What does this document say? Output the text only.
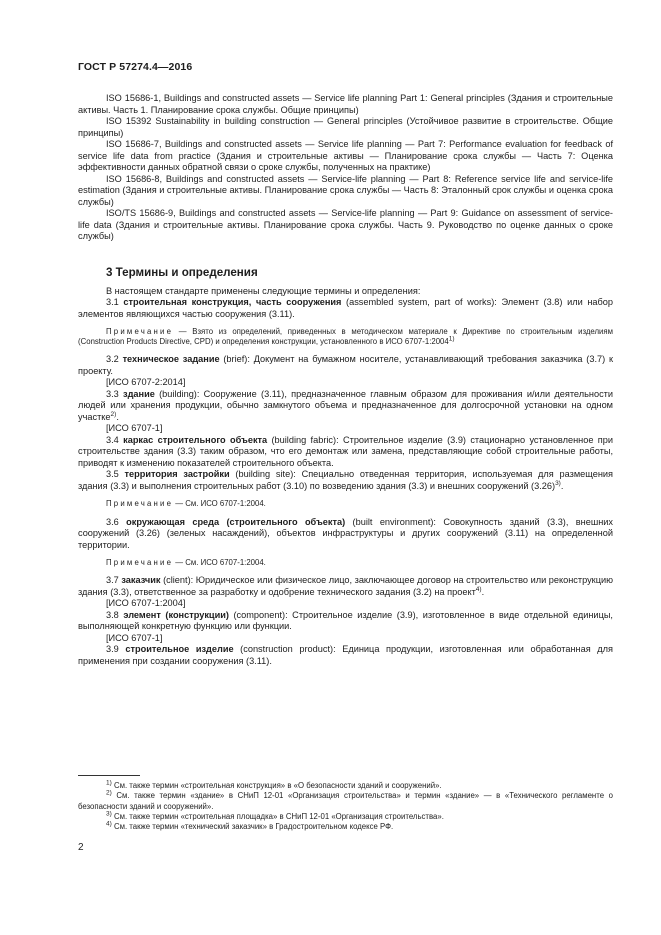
ГОСТ Р 57274.4—2016

ISO 15686-1, Buildings and constructed assets — Service life planning Part 1: General principles (Здания и строительные активы. Часть 1. Планирование срока службы. Общие принципы)

ISO 15392 Sustainability in building construction — General principles (Устойчивое развитие в строительстве. Общие принципы)

ISO 15686-7, Buildings and constructed assets — Service life planning — Part 7: Performance evaluation for feedback of service life data from practice (Здания и строительные активы — Планирование срока службы — Часть 7: Оценка эффективности данных обратной связи о сроке службы, полученных на практике)

ISO 15686-8, Buildings and constructed assets — Service-life planning — Part 8: Reference service life and service-life estimation (Здания и строительные активы. Планирование срока службы — Часть 8: Эталонный срок службы и оценка срока службы)

ISO/TS 15686-9, Buildings and constructed assets — Service-life planning — Part 9: Guidance on assessment of service-life data (Здания и строительные активы. Планирование срока службы. Часть 9. Руководство по оценке данных о сроке службы)

3 Термины и определения

В настоящем стандарте применены следующие термины и определения:

3.1 строительная конструкция, часть сооружения (assembled system, part of works): Элемент (3.8) или набор элементов являющихся частью сооружения (3.11).

Примечание — Взято из определений, приведенных в методическом материале к Директиве по строительным изделиям (Construction Products Directive, CPD) и определения конструкции, установленного в ИСО 6707-1:2004$^{1)}$

3.2 техническое задание (brief): Документ на бумажном носителе, устанавливающий требования заказчика (3.7) к проекту.

[ИСО 6707-2:2014]

3.3 здание (building): Сооружение (3.11), предназначенное главным образом для проживания и/или деятельности людей или хранения продукции, обычно замкнутого объема и предназначенное для долгосрочной установки на одном участке$^{2)}$.

[ИСО 6707-1]

3.4 каркас строительного объекта (building fabric): Строительное изделие (3.9) стационарно установленное при строительстве здания (3.3) таким образом, что его демонтаж или замена, представляющие собой строительные работы, приводят к изменению показателей строительного объекта.

3.5 территория застройки (building site): Специально отведенная территория, используемая для размещения здания (3.3) и выполнения строительных работ (3.10) по возведению здания (3.3) и внешних сооружений $(3.26)^{3)}$.

Примечание — См. ИСО 6707-1:2004.

3.6 окружающая среда (строительного объекта) (built environment): Совокупность зданий (3.3), внешних сооружений (3.26) (зеленых насаждений), объектов инфраструктуры и других сооружений (3.11) на определенной территории.

Примечание — См. ИСО 6707-1:2004.

3.7 заказчик (client): Юридическое или физическое лицо, заключающее договор на строительство или реконструкцию здания (3.3), ответственное за разработку и одобрение технического задания (3.2) на проект$^{4)}$.

[ИСО 6707-1:2004]

3.8 элемент (конструкции) (component): Строительное изделие (3.9), изготовленное в виде отдельной единицы, выполняющей конкретную функцию или функции.

[ИСО 6707-1]

3.9 строительное изделие (construction product): Единица продукции, изготовленная или обработанная для применения при создании сооружения (3.11).

$^{1)}$ См. также термин «строительная конструкция» в «О безопасности зданий и сооружений».

$^{2)}$ См. также термин «здание» в СНиП 12-01 «Организация строительства» и термин «здание» — в «Технического регламенте о безопасности зданий и сооружений».

$^{3)}$ См. также термин «строительная площадка» в СНиП 12-01 «Организация строительства».

$^{4)}$ См. также термин «технический заказчик» в Градостроительном кодексе РФ.

2
